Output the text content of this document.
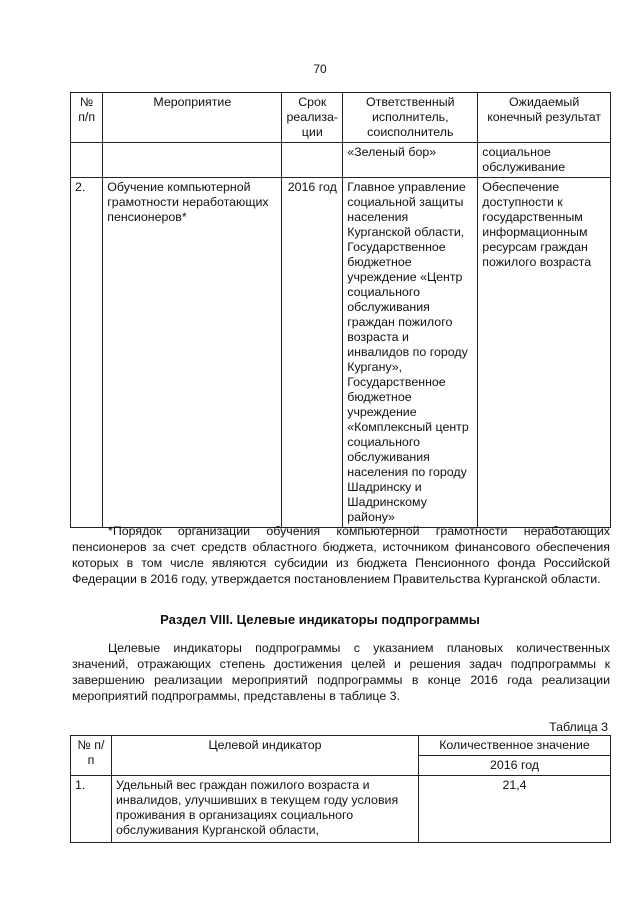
70
№ п/п	Мероприятие	Срок реализа-ции	Ответственный исполнитель, соисполнитель	Ожидаемый конечный результат
			«Зеленый бор»	социальное обслуживание
2.	Обучение компьютерной грамотности неработающих пенсионеров*	2016 год	Главное управление социальной защиты населения Курганской области, Государственное бюджетное учреждение «Центр социального обслуживания граждан пожилого возраста и инвалидов по городу Кургану», Государственное бюджетное учреждение «Комплексный центр социального обслуживания населения по городу Шадринску и Шадринскому району»	Обеспечение доступности к государственным информационным ресурсам граждан пожилого возраста
*Порядок организации обучения компьютерной грамотности неработающих пенсионеров за счет средств областного бюджета, источником финансового обеспечения которых в том числе являются субсидии из бюджета Пенсионного фонда Российской Федерации в 2016 году, утверждается постановлением Правительства Курганской области.
Раздел VIII. Целевые индикаторы подпрограммы
Целевые индикаторы подпрограммы с указанием плановых количественных значений, отражающих степень достижения целей и решения задач подпрограммы к завершению реализации мероприятий подпрограммы в конце 2016 года реализации мероприятий подпрограммы, представлены в таблице 3.
Таблица 3
№ п/п	Целевой индикатор	Количественное значение
		2016 год
1.	Удельный вес граждан пожилого возраста и инвалидов, улучшивших в текущем году условия проживания в организациях социального обслуживания Курганской области,	21,4
